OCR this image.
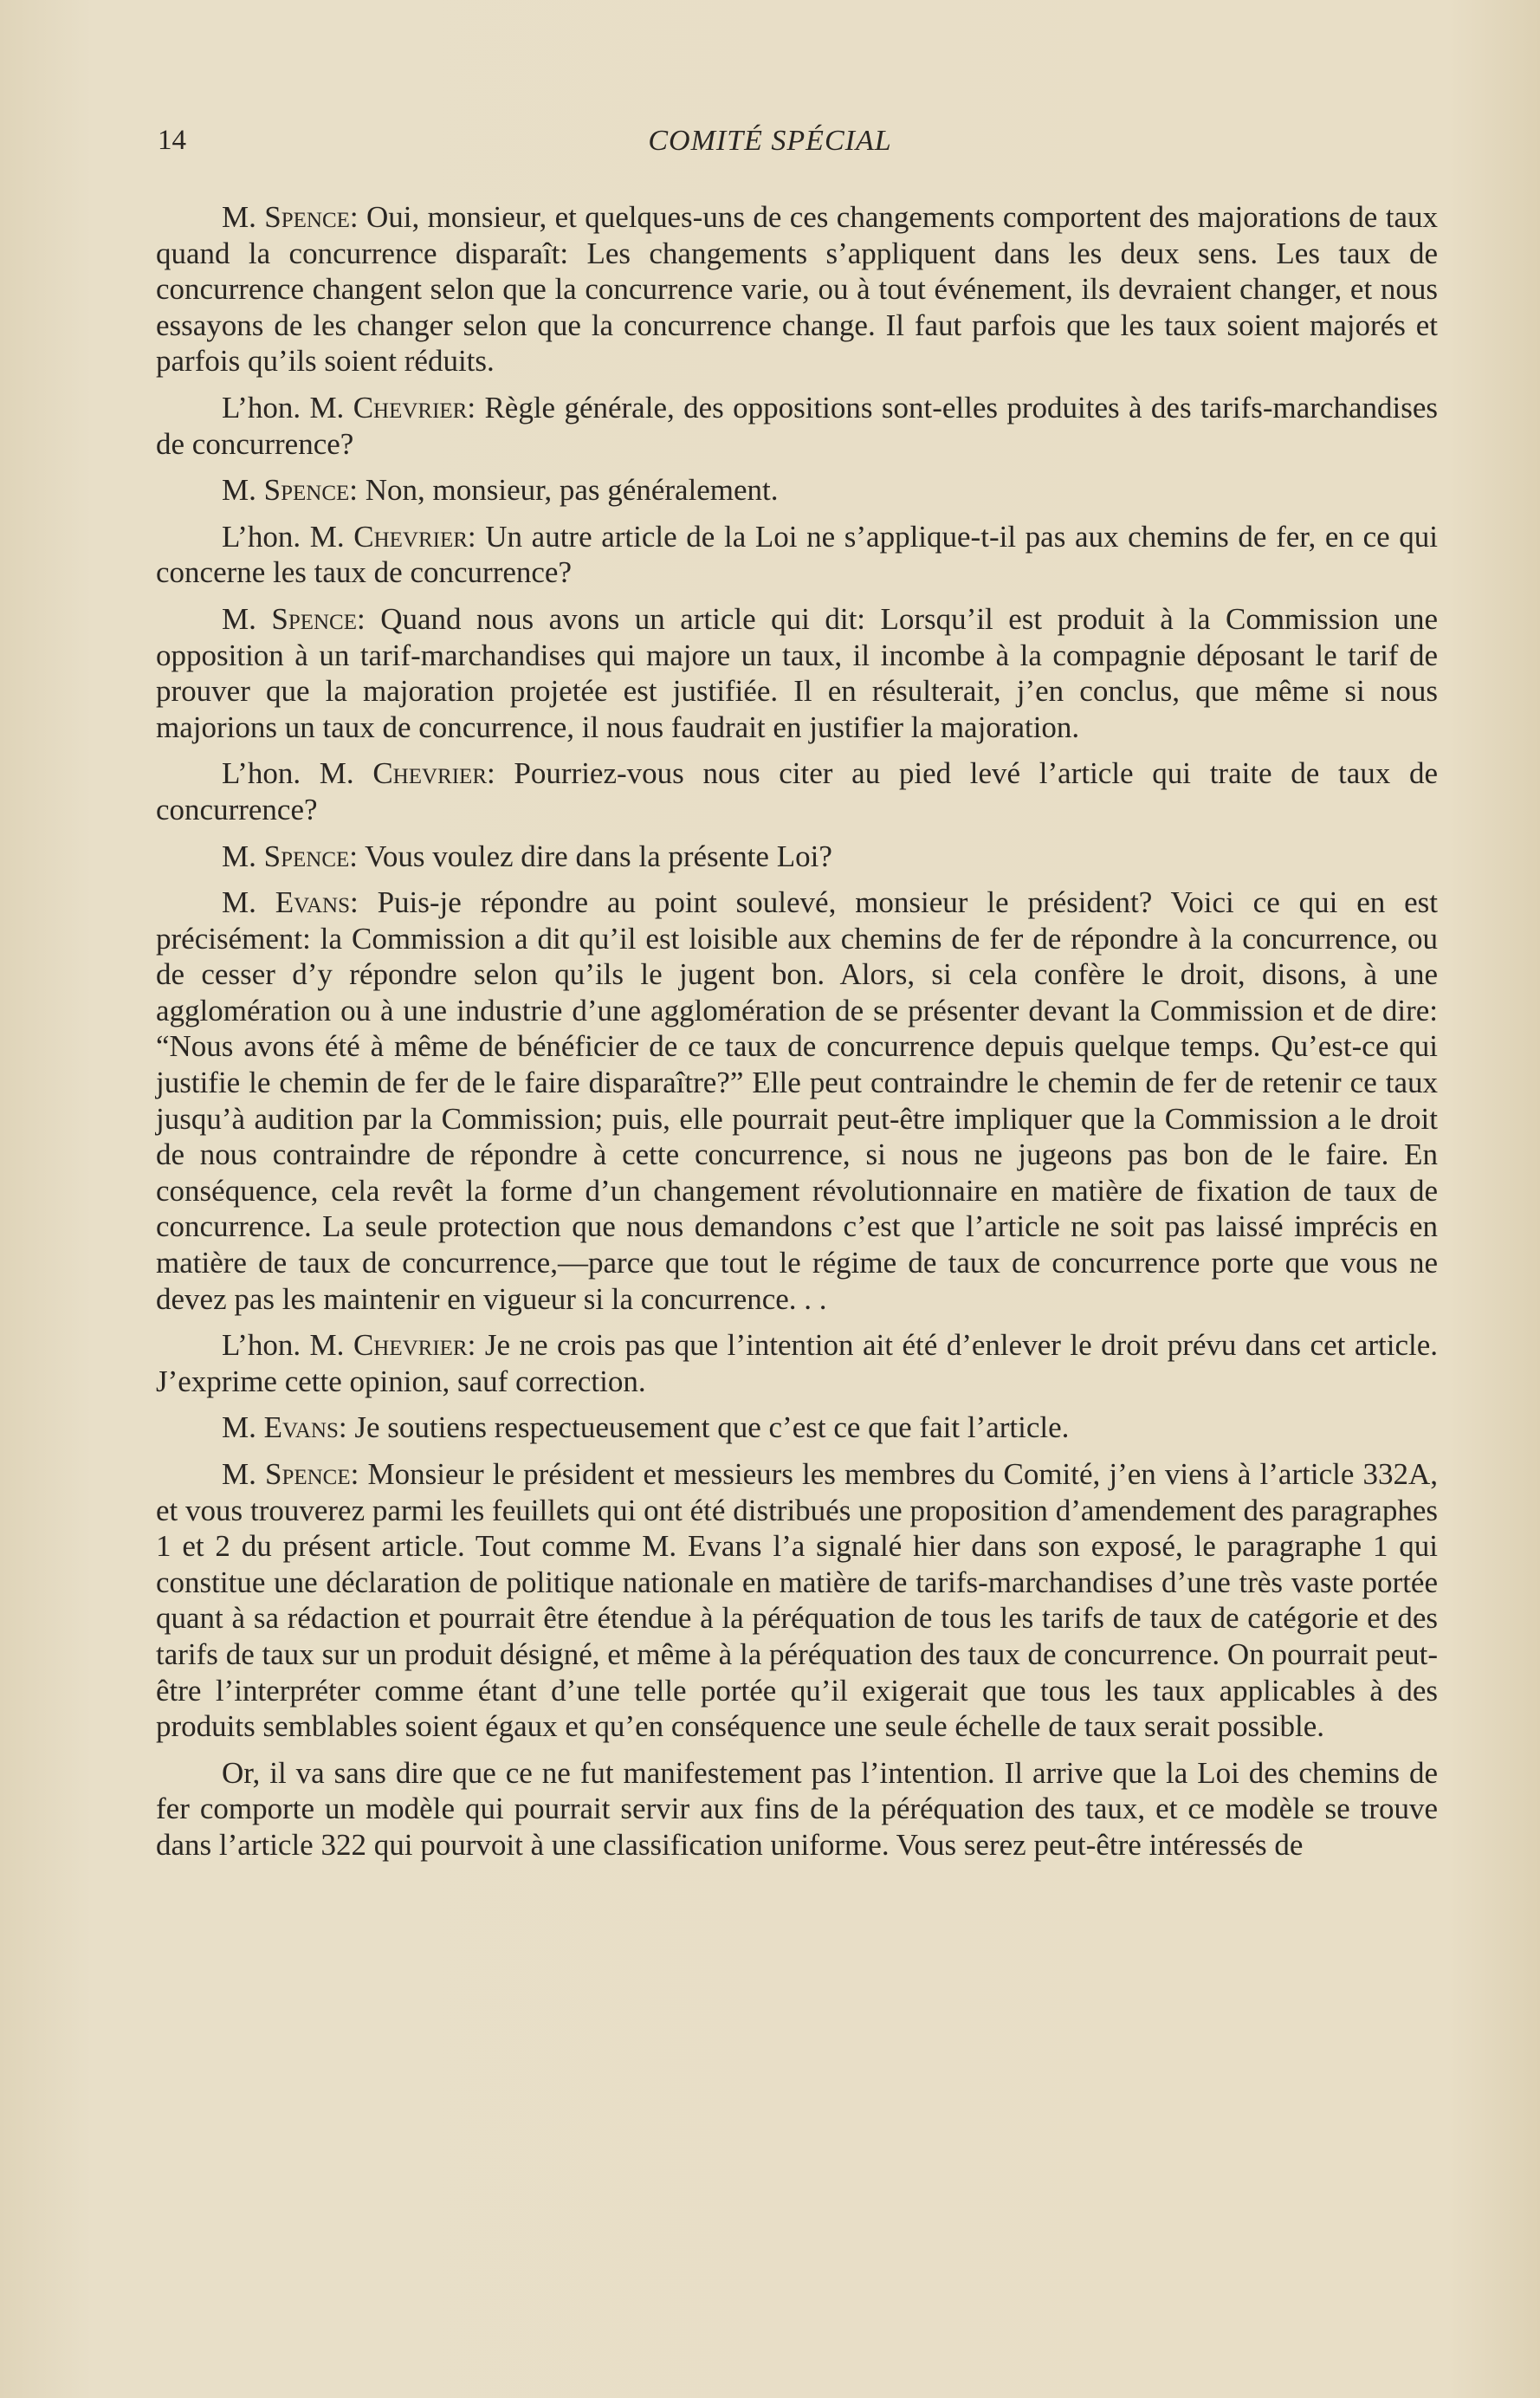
14	COMITÉ SPÉCIAL

M. Spence: Oui, monsieur, et quelques-uns de ces changements comportent des majorations de taux quand la concurrence disparaît: Les changements s’appliquent dans les deux sens. Les taux de concurrence changent selon que la concurrence varie, ou à tout événement, ils devraient changer, et nous essayons de les changer selon que la concurrence change. Il faut parfois que les taux soient majorés et parfois qu’ils soient réduits.

L’hon. M. Chevrier: Règle générale, des oppositions sont-elles produites à des tarifs-marchandises de concurrence?

M. Spence: Non, monsieur, pas généralement.

L’hon. M. Chevrier: Un autre article de la Loi ne s’applique-t-il pas aux chemins de fer, en ce qui concerne les taux de concurrence?

M. Spence: Quand nous avons un article qui dit: Lorsqu’il est produit à la Commission une opposition à un tarif-marchandises qui majore un taux, il incombe à la compagnie déposant le tarif de prouver que la majoration projetée est justifiée. Il en résulterait, j’en conclus, que même si nous majorions un taux de concurrence, il nous faudrait en justifier la majoration.

L’hon. M. Chevrier: Pourriez-vous nous citer au pied levé l’article qui traite de taux de concurrence?

M. Spence: Vous voulez dire dans la présente Loi?

M. Evans: Puis-je répondre au point soulevé, monsieur le président? Voici ce qui en est précisément: la Commission a dit qu’il est loisible aux chemins de fer de répondre à la concurrence, ou de cesser d’y répondre selon qu’ils le jugent bon. Alors, si cela confère le droit, disons, à une agglomération ou à une industrie d’une agglomération de se présenter devant la Commission et de dire: “Nous avons été à même de bénéficier de ce taux de concurrence depuis quelque temps. Qu’est-ce qui justifie le chemin de fer de le faire disparaître?” Elle peut contraindre le chemin de fer de retenir ce taux jusqu’à audition par la Commission; puis, elle pourrait peut-être impliquer que la Commission a le droit de nous contraindre de répondre à cette concurrence, si nous ne jugeons pas bon de le faire. En conséquence, cela revêt la forme d’un changement révolutionnaire en matière de fixation de taux de concurrence. La seule protection que nous demandons c’est que l’article ne soit pas laissé imprécis en matière de taux de concurrence,—parce que tout le régime de taux de concurrence porte que vous ne devez pas les maintenir en vigueur si la concurrence. . .

L’hon. M. Chevrier: Je ne crois pas que l’intention ait été d’enlever le droit prévu dans cet article. J’exprime cette opinion, sauf correction.

M. Evans: Je soutiens respectueusement que c’est ce que fait l’article.

M. Spence: Monsieur le président et messieurs les membres du Comité, j’en viens à l’article 332A, et vous trouverez parmi les feuillets qui ont été distribués une proposition d’amendement des paragraphes 1 et 2 du présent article. Tout comme M. Evans l’a signalé hier dans son exposé, le paragraphe 1 qui constitue une déclaration de politique nationale en matière de tarifs-marchandises d’une très vaste portée quant à sa rédaction et pourrait être étendue à la péréquation de tous les tarifs de taux de catégorie et des tarifs de taux sur un produit désigné, et même à la péréquation des taux de concurrence. On pourrait peut-être l’interpréter comme étant d’une telle portée qu’il exigerait que tous les taux applicables à des produits semblables soient égaux et qu’en conséquence une seule échelle de taux serait possible.

Or, il va sans dire que ce ne fut manifestement pas l’intention. Il arrive que la Loi des chemins de fer comporte un modèle qui pourrait servir aux fins de la péréquation des taux, et ce modèle se trouve dans l’article 322 qui pourvoit à une classification uniforme. Vous serez peut-être intéressés de
